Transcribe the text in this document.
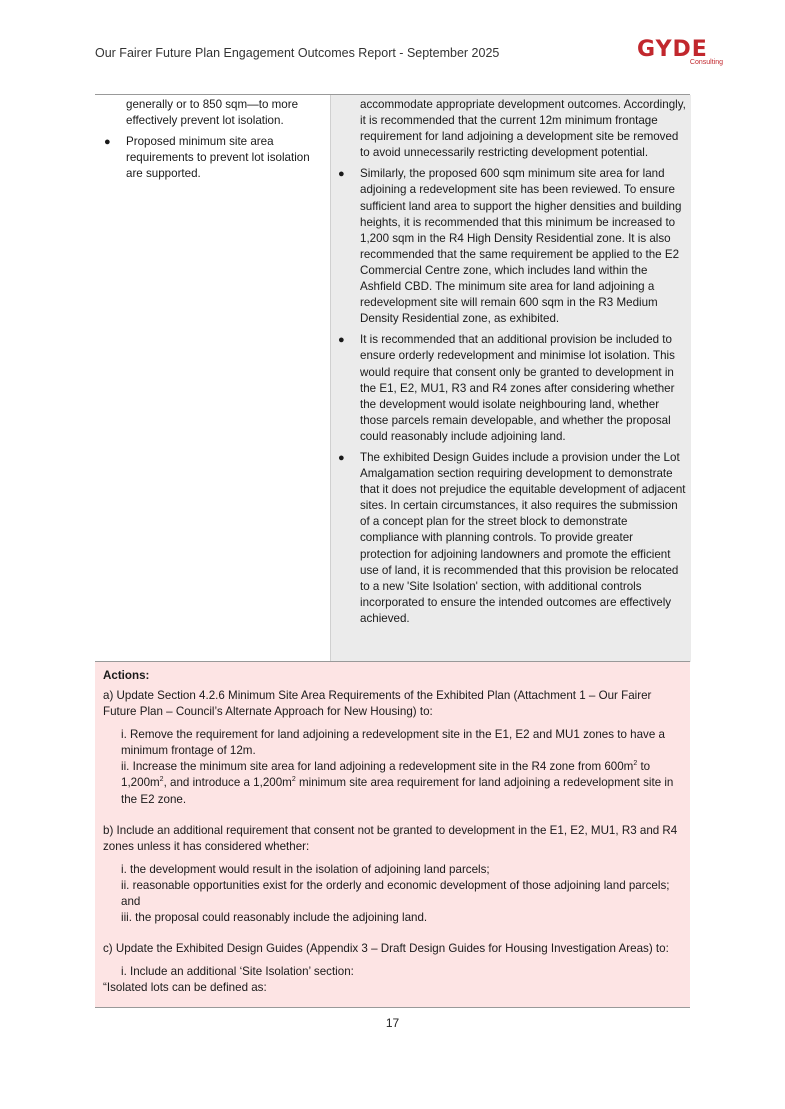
Our Fairer Future Plan Engagement Outcomes Report - September 2025	GYDE
Consulting
generally or to 850 sqm—to more effectively prevent lot isolation.
● Proposed minimum site area requirements to prevent lot isolation are supported.
accommodate appropriate development outcomes. Accordingly, it is recommended that the current 12m minimum frontage requirement for land adjoining a development site be removed to avoid unnecessarily restricting development potential.
● Similarly, the proposed 600 sqm minimum site area for land adjoining a redevelopment site has been reviewed. To ensure sufficient land area to support the higher densities and building heights, it is recommended that this minimum be increased to 1,200 sqm in the R4 High Density Residential zone. It is also recommended that the same requirement be applied to the E2 Commercial Centre zone, which includes land within the Ashfield CBD. The minimum site area for land adjoining a redevelopment site will remain 600 sqm in the R3 Medium Density Residential zone, as exhibited.
● It is recommended that an additional provision be included to ensure orderly redevelopment and minimise lot isolation. This would require that consent only be granted to development in the E1, E2, MU1, R3 and R4 zones after considering whether the development would isolate neighbouring land, whether those parcels remain developable, and whether the proposal could reasonably include adjoining land.
● The exhibited Design Guides include a provision under the Lot Amalgamation section requiring development to demonstrate that it does not prejudice the equitable development of adjacent sites. In certain circumstances, it also requires the submission of a concept plan for the street block to demonstrate compliance with planning controls. To provide greater protection for adjoining landowners and promote the efficient use of land, it is recommended that this provision be relocated to a new 'Site Isolation' section, with additional controls incorporated to ensure the intended outcomes are effectively achieved.

Actions:

a) Update Section 4.2.6 Minimum Site Area Requirements of the Exhibited Plan (Attachment 1 – Our Fairer Future Plan – Council’s Alternate Approach for New Housing) to:

i. Remove the requirement for land adjoining a redevelopment site in the E1, E2 and MU1 zones to have a minimum frontage of 12m.

ii. Increase the minimum site area for land adjoining a redevelopment site in the R4 zone from $600m^2$ to $1,200m^2$, and introduce a $1,200m^2$ minimum site area requirement for land adjoining a redevelopment site in the E2 zone.

b) Include an additional requirement that consent not be granted to development in the E1, E2, MU1, R3 and R4 zones unless it has considered whether:

i. the development would result in the isolation of adjoining land parcels;

ii. reasonable opportunities exist for the orderly and economic development of those adjoining land parcels; and

iii. the proposal could reasonably include the adjoining land.

c) Update the Exhibited Design Guides (Appendix 3 – Draft Design Guides for Housing Investigation Areas) to:

i. Include an additional ‘Site Isolation’ section:

“Isolated lots can be defined as:

17
